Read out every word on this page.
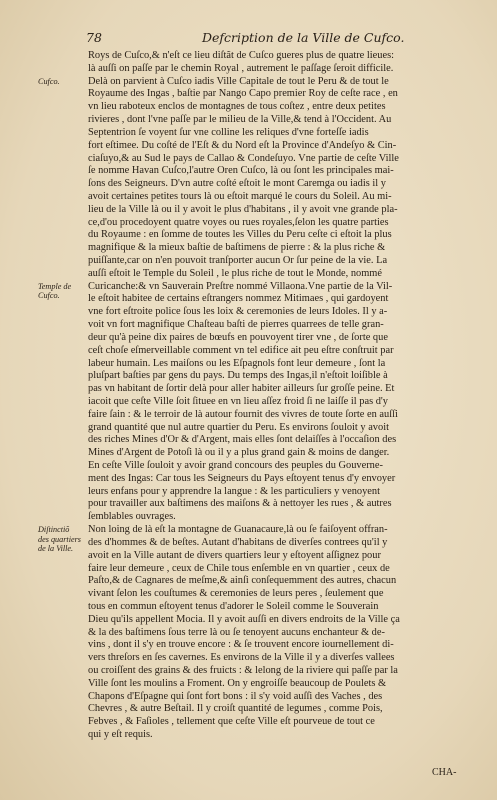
78	Defcription de la Ville de Cufco.
Cufco.
Temple de Cufco.
Diſtinctiõ des quartiers de la Ville.
Roys de Cuſco,& n'eſt ce lieu diſtãt de Cuſco gueres plus de quatre lieues:
là auſſi on paſſe par le chemin Royal , autrement le paſſage ſeroit difficile.
Delà on parvient à Cuſco iadis Ville Capitale de tout le Peru & de tout le
Royaume des Ingas , baſtie par Nango Capo premier Roy de ceſte race , en
vn lieu raboteux enclos de montagnes de tous coſtez , entre deux petites
rivieres , dont l'vne paſſe par le milieu de la Ville,& tend à l'Occident. Au
Septentrion ſe voyent ſur vne colline les reliques d'vne forteſſe iadis
fort eſtimee. Du coſté de l'Eſt & du Nord eſt la Province d'Andeſyo & Cin-
ciaſuyo,& au Sud le pays de Callao & Condeſuyo. Vne partie de ceſte Ville
ſe nomme Havan Cuſco,l'autre Oren Cuſco, là ou ſont les principales mai-
ſons des Seigneurs. D'vn autre coſté eſtoit le mont Caremga ou iadis il y
avoit certaines petites tours là ou eſtoit marqué le cours du Soleil. Au mi-
lieu de la Ville là ou il y avoit le plus d'habitans , il y avoit vne grande pla-
ce,d'ou procedoyent quatre voyes ou rues royales,ſelon les quatre parties
du Royaume : en ſomme de toutes les Villes du Peru ceſte ci eſtoit la plus
magnifique & la mieux baſtie de baſtimens de pierre : & la plus riche &
puiſſante,car on n'en pouvoit tranſporter aucun Or ſur peine de la vie. La
auſſi eſtoit le Temple du Soleil , le plus riche de tout le Monde, nommé
Curicanche:& vn Sauverain Preſtre nommé Villaona.Vne partie de la Vil-
le eſtoit habitee de certains eſtrangers nommez Mitimaes , qui gardoyent
vne fort eſtroite police ſous les loix & ceremonies de leurs Idoles. Il y a-
voit vn fort magnifique Chaſteau baſti de pierres quarrees de telle gran-
deur qu'à peine dix paires de bœufs en pouvoyent tirer vne , de ſorte que
ceſt choſe eſmerveillable comment vn tel edifice ait peu eſtre conſtruit par
labeur humain. Les maiſons ou les Eſpagnols font leur demeure , ſont la
pluſpart baſties par gens du pays. Du temps des Ingas,il n'eſtoit loiſible à
pas vn habitant de ſortir delà pour aller habiter ailleurs ſur groſſe peine. Et
iacoit que ceſte Ville ſoit ſituee en vn lieu aſſez froid ſi ne laiſſe il pas d'y
faire ſain : & le terroir de là autour fournit des vivres de toute ſorte en auſſi
grand quantité que nul autre quartier du Peru. Es environs ſouloit y avoit
des riches Mines d'Or & d'Argent, mais elles ſont delaiſſes à l'occaſion des
Mines d'Argent de Potoſi là ou il y a plus grand gain & moins de danger.
En ceſte Ville ſouloit y avoir grand concours des peuples du Gouverne-
ment des Ingas: Car tous les Seigneurs du Pays eſtoyent tenus d'y envoyer
leurs enfans pour y apprendre la langue : & les particuliers y venoyent
pour travailler aux baſtimens des maiſons & à nettoyer les rues , & autres
ſemblables ouvrages.
Non loing de là eſt la montagne de Guanacaure,là ou ſe faiſoyent offran-
des d'hommes & de beſtes. Autant d'habitans de diverſes contrees qu'il y
avoit en la Ville autant de divers quartiers leur y eſtoyent aſſignez pour
faire leur demeure , ceux de Chile tous enſemble en vn quartier , ceux de
Paſto,& de Cagnares de meſme,& ainſi conſequemment des autres, chacun
vivant ſelon les couſtumes & ceremonies de leurs peres , ſeulement que
tous en commun eſtoyent tenus d'adorer le Soleil comme le Souverain
Dieu qu'ils appellent Mocia. Il y avoit auſſi en divers endroits de la Ville ça
& la des baſtimens ſous terre là ou ſe tenoyent aucuns enchanteur & de-
vins , dont il s'y en trouve encore : & ſe trouvent encore iournellement di-
vers threſors en ſes cavernes. Es environs de la Ville il y a diverſes vallees
ou croiſſent des grains & des fruicts : & lelong de la riviere qui paſſe par la
Ville ſont les moulins a Froment. On y engroiſſe beaucoup de Poulets &
Chapons d'Eſpagne qui ſont fort bons : il s'y void auſſi des Vaches , des
Chevres , & autre Beſtail. Il y croiſt quantité de legumes , comme Pois,
Febves , & Faſioles , tellement que ceſte Ville eſt pourveue de tout ce
qui y eſt requis.
CHA-
